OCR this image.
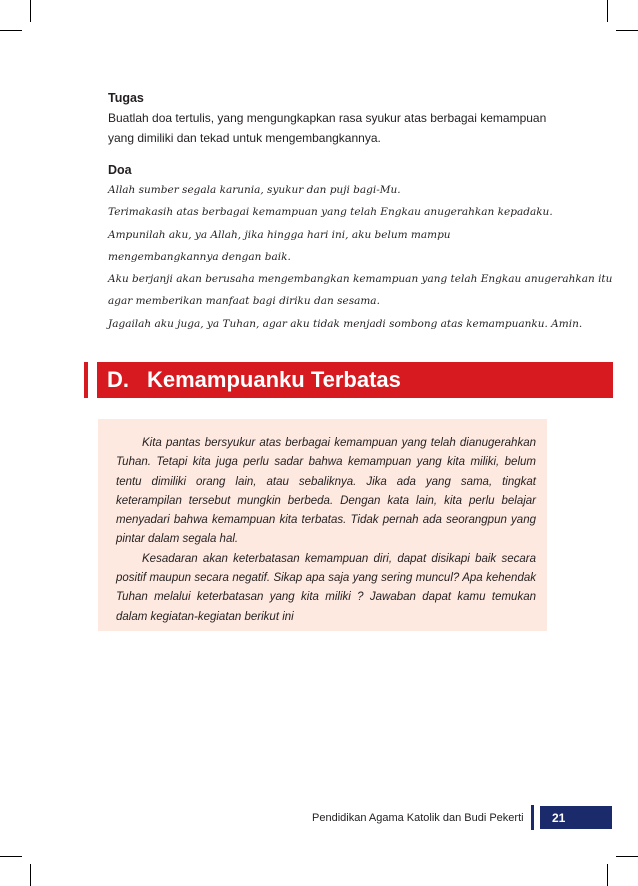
Tugas
Buatlah doa tertulis, yang mengungkapkan rasa syukur atas berbagai kemampuan yang dimiliki dan tekad untuk mengembangkannya.
Doa
Allah sumber segala karunia, syukur dan puji bagi-Mu.
Terimakasih atas berbagai kemampuan yang telah Engkau anugerahkan kepadaku.
Ampunilah aku, ya Allah, jika hingga hari ini, aku belum mampu
mengembangkannya dengan baik.
Aku berjanji akan berusaha mengembangkan kemampuan yang telah Engkau anugerahkan itu
agar memberikan manfaat bagi diriku dan sesama.
Jagailah aku juga, ya Tuhan, agar aku tidak menjadi sombong atas kemampuanku. Amin.
D. Kemampuanku Terbatas

Kita pantas bersyukur atas berbagai kemampuan yang telah dianugerahkan Tuhan. Tetapi kita juga perlu sadar bahwa kemampuan yang kita miliki, belum tentu dimiliki orang lain, atau sebaliknya. Jika ada yang sama, tingkat keterampilan tersebut mungkin berbeda. Dengan kata lain, kita perlu belajar menyadari bahwa kemampuan kita terbatas. Tidak pernah ada seorangpun yang pintar dalam segala hal.

Kesadaran akan keterbatasan kemampuan diri, dapat disikapi baik secara positif maupun secara negatif. Sikap apa saja yang sering muncul? Apa kehendak Tuhan melalui keterbatasan yang kita miliki ? Jawaban dapat kamu temukan dalam kegiatan-kegiatan berikut ini

Pendidikan Agama Katolik dan Budi Pekerti	21
